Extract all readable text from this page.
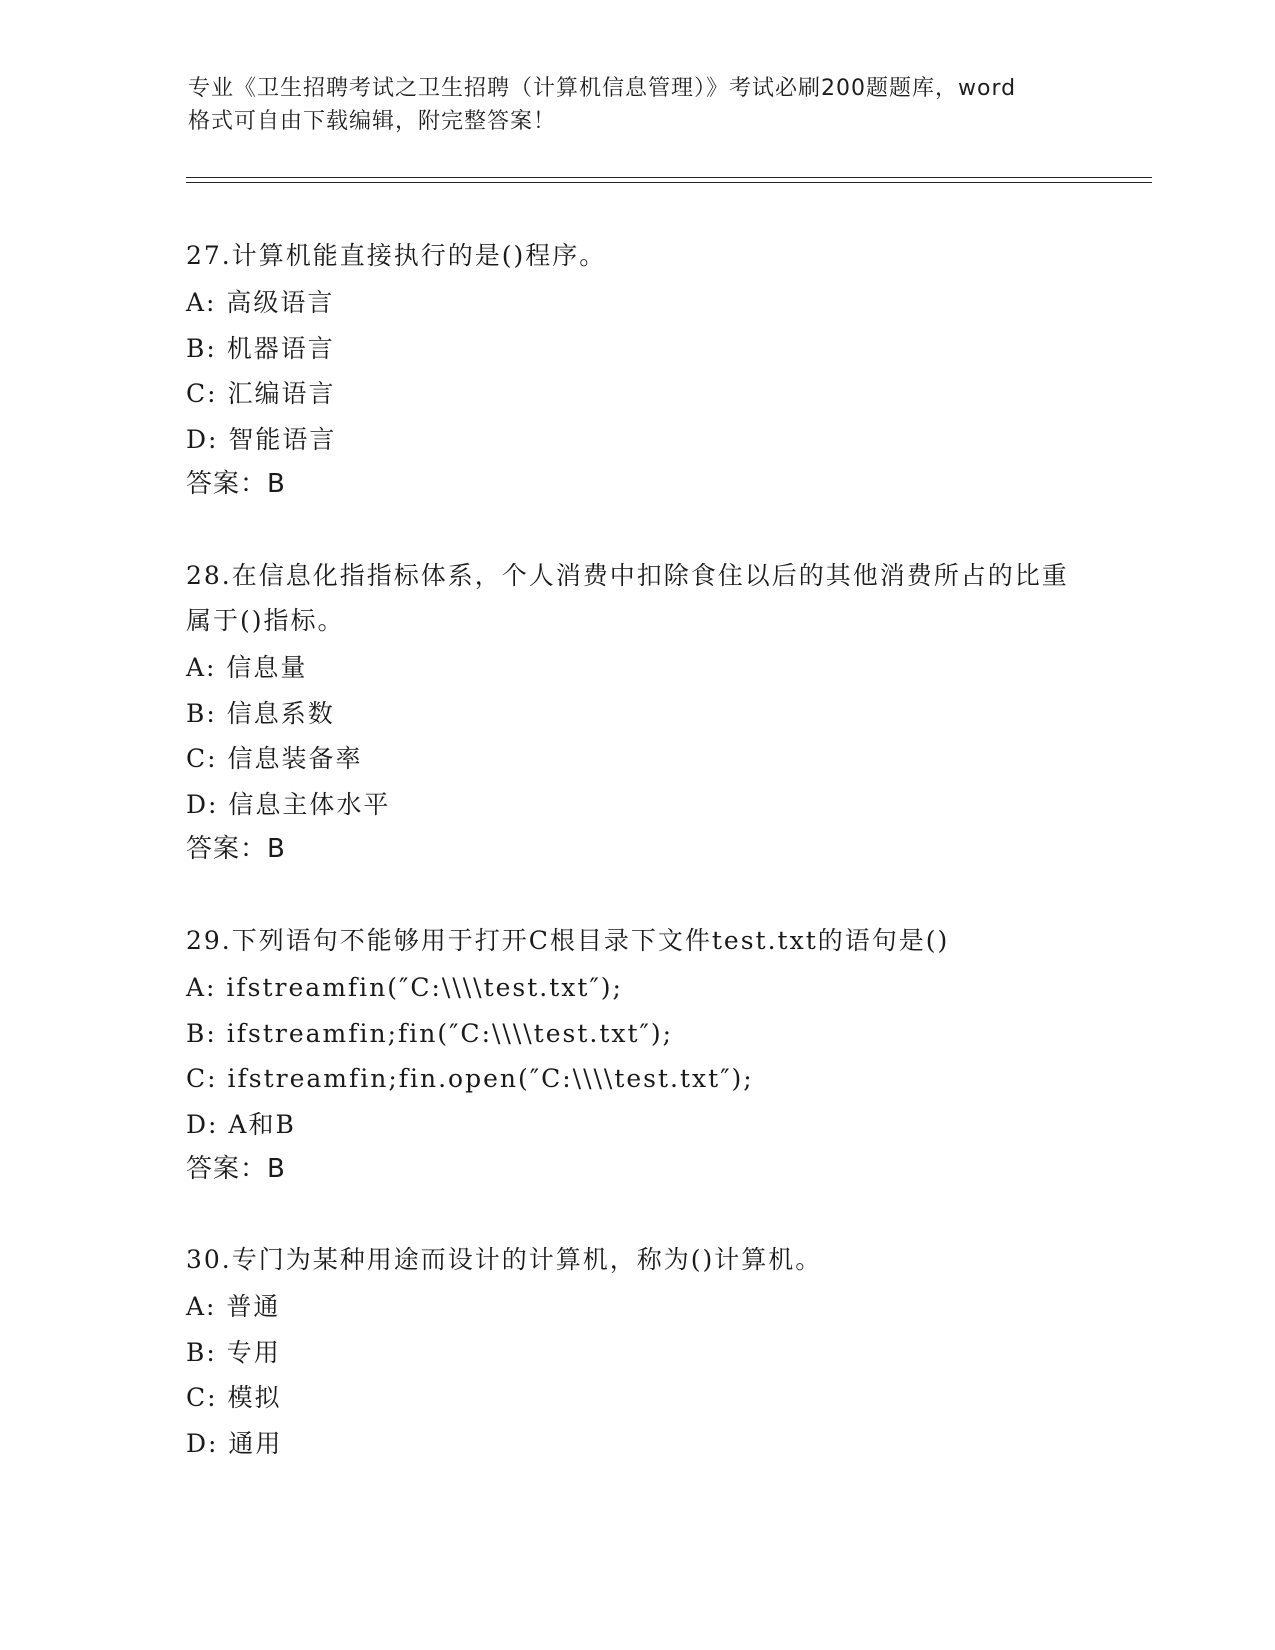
专业《卫生招聘考试之卫生招聘（计算机信息管理）》考试必刷200题题库，word
格式可自由下载编辑，附完整答案！
27.计算机能直接执行的是()程序。
A: 高级语言
B: 机器语言
C: 汇编语言
D: 智能语言
答案：B
28.在信息化指指标体系，个人消费中扣除食住以后的其他消费所占的比重属于()指标。
A: 信息量
B: 信息系数
C: 信息装备率
D: 信息主体水平
答案：B
29.下列语句不能够用于打开C根目录下文件test.txt的语句是()
A: ifstreamfin(″C:\\\\test.txt″);
B: ifstreamfin;fin(″C:\\\\test.txt″);
C: ifstreamfin;fin.open(″C:\\\\test.txt″);
D: A和B
答案：B
30.专门为某种用途而设计的计算机，称为()计算机。
A: 普通
B: 专用
C: 模拟
D: 通用
